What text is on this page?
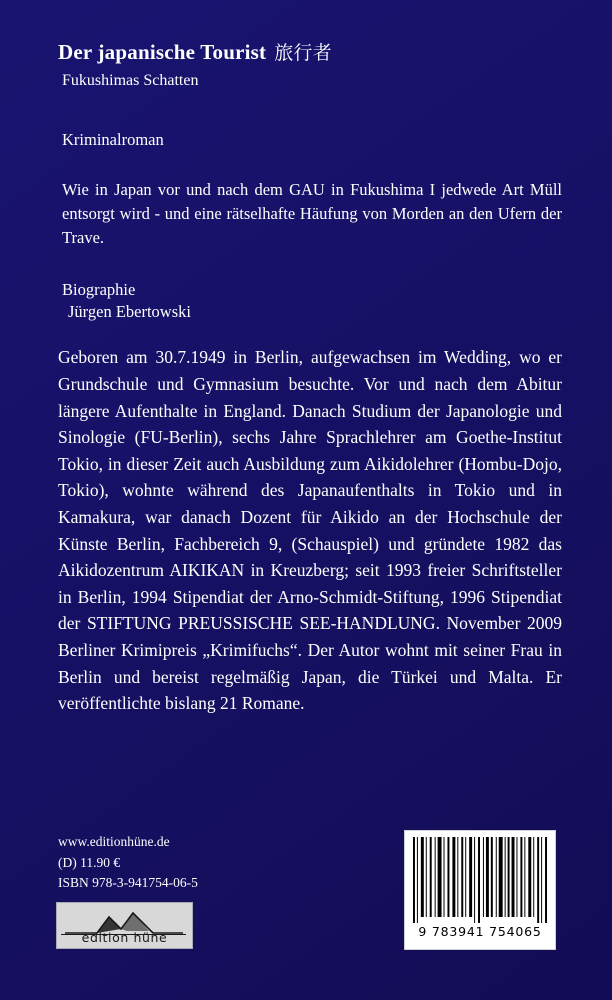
Der japanische Tourist 旅行者
Fukushimas Schatten
Kriminalroman
Wie in Japan vor und nach dem GAU in Fukushima I jedwede Art Müll entsorgt wird - und eine rätselhafte Häufung von Morden an den Ufern der Trave.
Biographie
Jürgen Ebertowski
Geboren am 30.7.1949 in Berlin, aufgewachsen im Wedding, wo er Grundschule und Gymnasium besuchte. Vor und nach dem Abitur längere Aufenthalte in England. Danach Studium der Japanologie und Sinologie (FU-Berlin), sechs Jahre Sprachlehrer am Goethe-Institut Tokio, in dieser Zeit auch Ausbildung zum Aikidolehrer (Hombu-Dojo, Tokio), wohnte während des Japanaufenthalts in Tokio und in Kamakura, war danach Dozent für Aikido an der Hochschule der Künste Berlin, Fachbereich 9, (Schauspiel) und gründete 1982 das Aikidozentrum AIKIKAN in Kreuzberg; seit 1993 freier Schriftsteller in Berlin, 1994 Stipendiat der Arno-Schmidt-Stiftung, 1996 Stipendiat der STIFTUNG PREUSSISCHE SEE-HANDLUNG. November 2009 Berliner Krimipreis „Krimifuchs“. Der Autor wohnt mit seiner Frau in Berlin und bereist regelmäßig Japan, die Türkei und Malta. Er veröffentlichte bislang 21 Romane.
www.editionhüne.de
(D) 11.90 €
ISBN 978-3-941754-06-5
edition hüne	9 783941 754065
